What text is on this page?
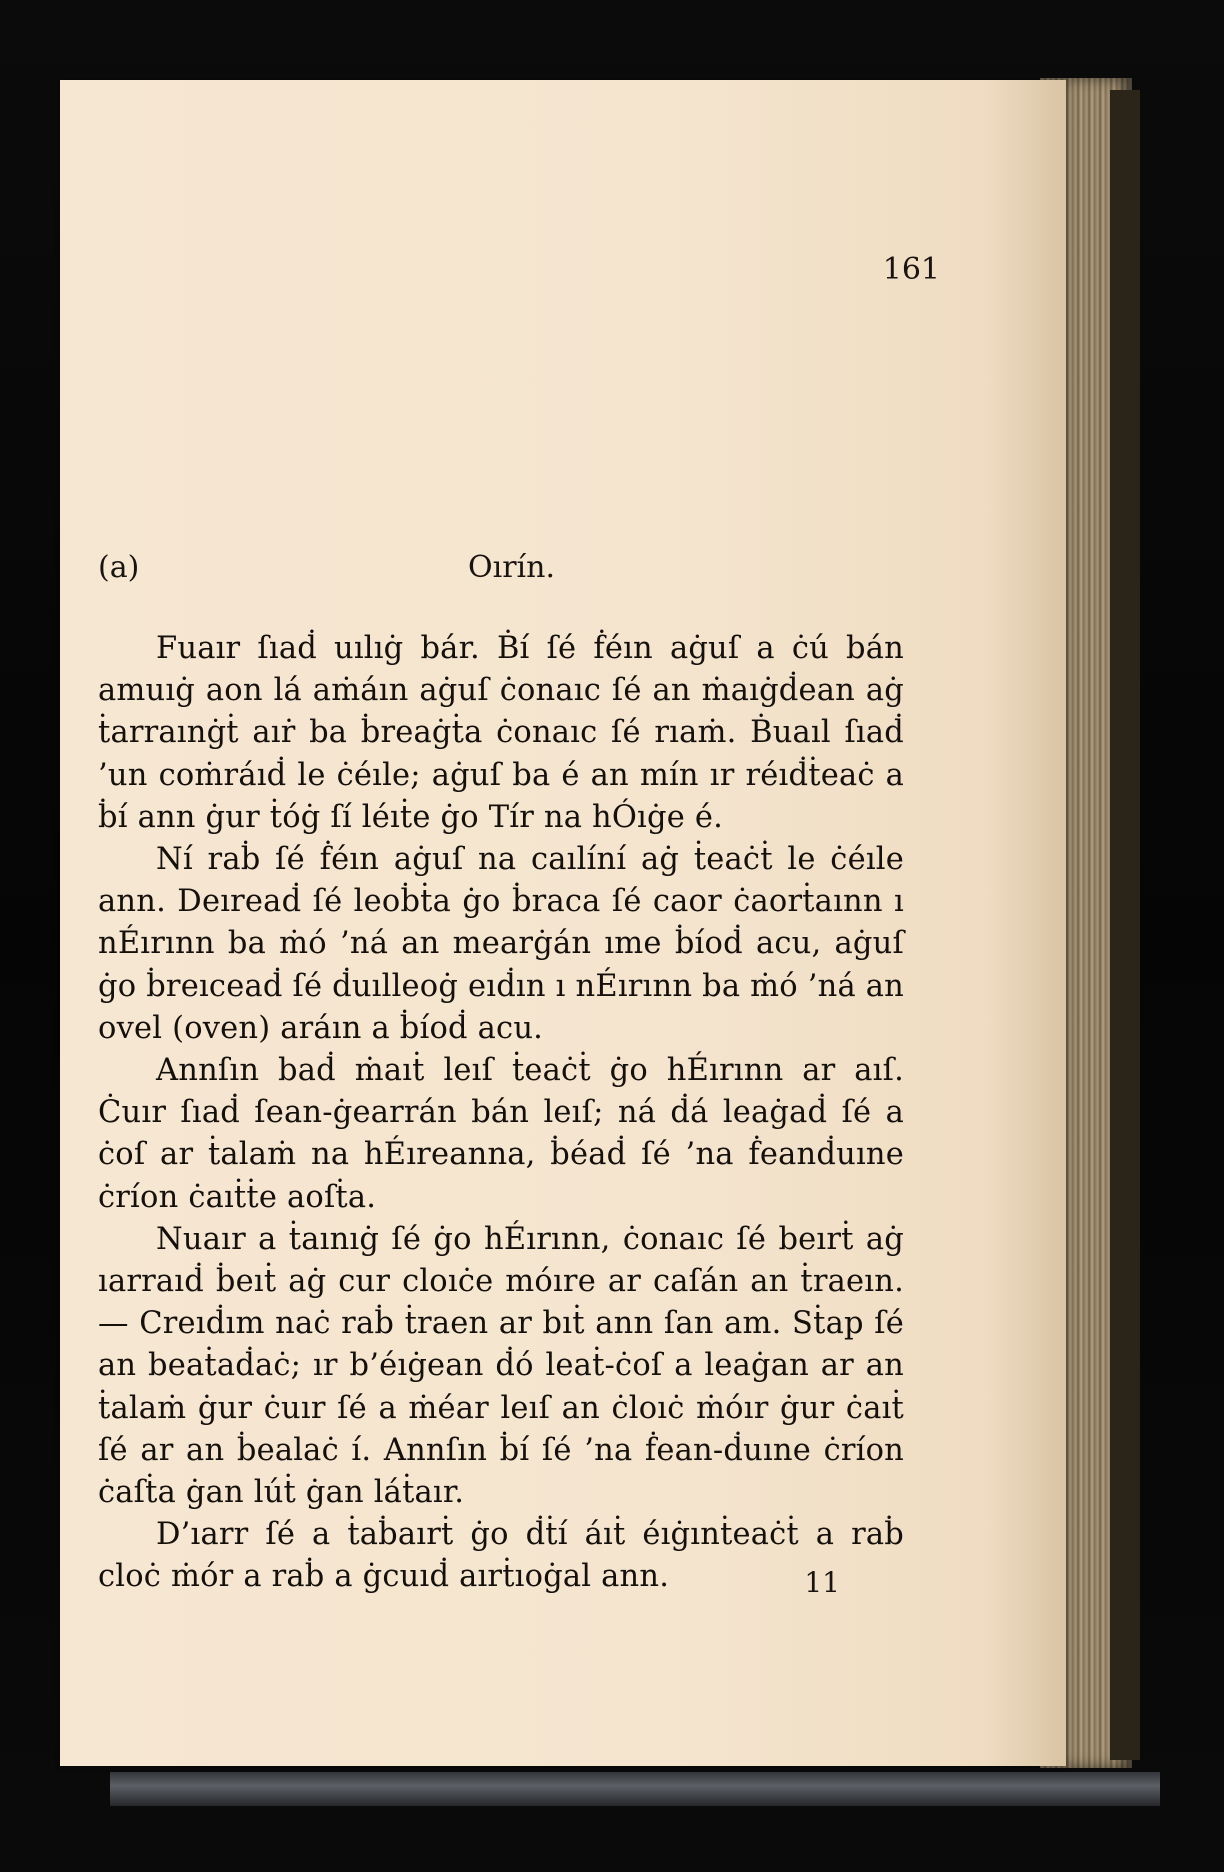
161
(a)	Oırín.

Fuaır ſıaḋ uılıġ bár. Ḃí ſé ḟéın aġuſ a ċú bán amuıġ aon lá aṁáın aġuſ ċonaıc ſé an ṁaıġḋean aġ ṫarraınġṫ aıṙ ba ḃreaġṫa ċonaıc ſé rıaṁ. Ḃuaıl ſıaḋ ’un coṁráıḋ le ċéıle; aġuſ ba é an mín ır réıḋṫeaċ a ḃí ann ġur ṫóġ ſí léıṫe ġo Tír na hÓıġe é.

Ní raḃ ſé ḟéın aġuſ na caılíní aġ ṫeaċṫ le ċéıle ann. Deıreaḋ ſé leoḃṫa ġo ḃraca ſé caor ċaorṫaınn ı nÉırınn ba ṁó ’ná an mearġán ıme ḃíoḋ acu, aġuſ ġo ḃreıceaḋ ſé ḋuılleoġ eıḋın ı nÉırınn ba ṁó ’ná an ovel (oven) aráın a ḃíoḋ acu.

Annſın baḋ ṁaıṫ leıſ ṫeaċṫ ġo hÉırınn ar aıſ. Ċuır ſıaḋ ſean-ġearrán bán leıſ; ná ḋá leaġaḋ ſé a ċoſ ar ṫalaṁ na hÉıreanna, ḃéaḋ ſé ’na ḟeanḋuıne ċríon ċaıṫṫe aoſṫa.

Nuaır a ṫaınıġ ſé ġo hÉırınn, ċonaıc ſé beırṫ aġ ıarraıḋ ḃeıṫ aġ cur cloıċe móıre ar caſán an ṫraeın. — Creıḋım naċ raḃ ṫraen ar bıṫ ann ſan am. Sṫap ſé an beaṫaḋaċ; ır b’éıġean ḋó leaṫ-ċoſ a leaġan ar an ṫalaṁ ġur ċuır ſé a ṁéar leıſ an ċloıċ ṁóır ġur ċaıṫ ſé ar an ḃealaċ í. Annſın ḃí ſé ’na ḟean-ḋuıne ċríon ċaſṫa ġan lúṫ ġan láṫaır.

D’ıarr ſé a ṫaḃaırṫ ġo ḋṫí áıṫ éıġınṫeaċṫ a raḃ cloċ ṁór a raḃ a ġcuıḋ aırṫıoġal ann.	11
